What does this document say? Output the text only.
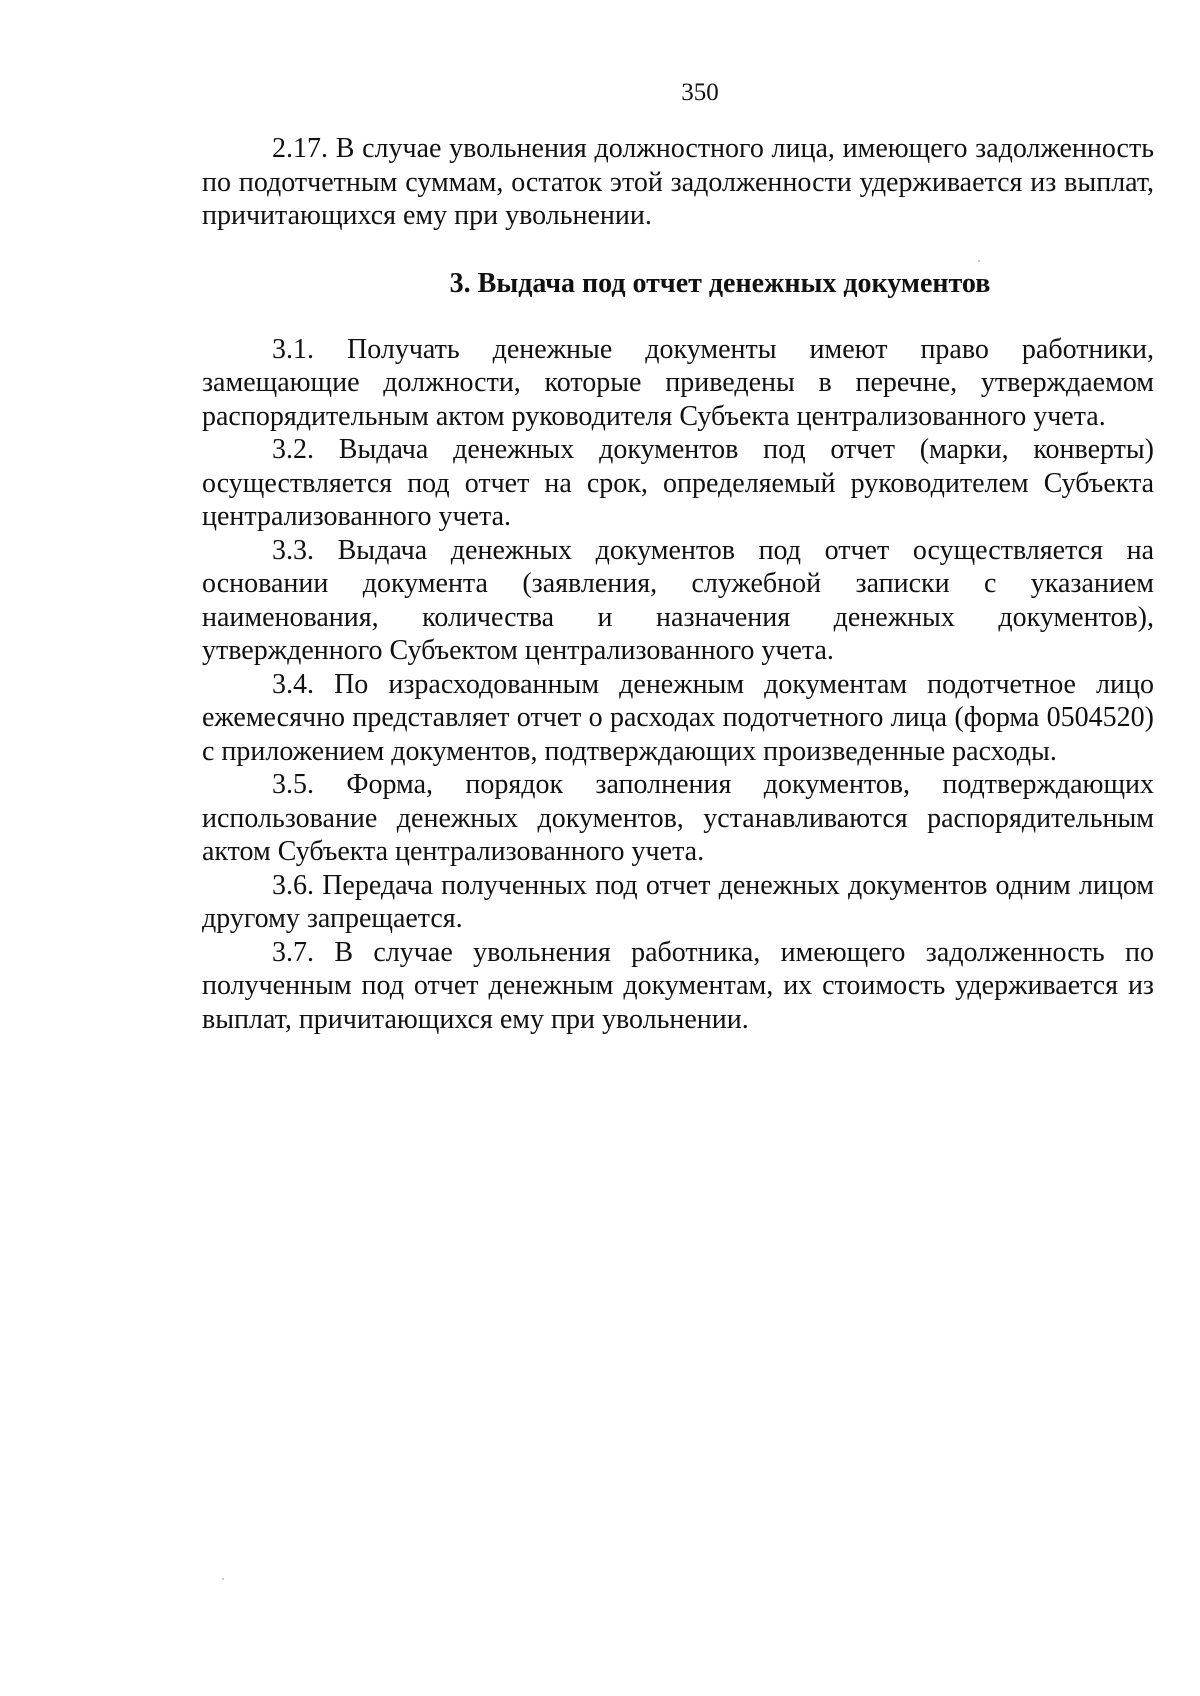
350

2.17. В случае увольнения должностного лица, имеющего задолженность по подотчетным суммам, остаток этой задолженности удерживается из выплат, причитающихся ему при увольнении.

3. Выдача под отчет денежных документов

3.1. Получать денежные документы имеют право работники, замещающие должности, которые приведены в перечне, утверждаемом распорядительным актом руководителя Субъекта централизованного учета.

3.2. Выдача денежных документов под отчет (марки, конверты) осуществляется под отчет на срок, определяемый руководителем Субъекта централизованного учета.

3.3. Выдача денежных документов под отчет осуществляется на основании документа (заявления, служебной записки с указанием наименования, количества и назначения денежных документов), утвержденного Субъектом централизованного учета.

3.4. По израсходованным денежным документам подотчетное лицо ежемесячно представляет отчет о расходах подотчетного лица (форма 0504520) с приложением документов, подтверждающих произведенные расходы.

3.5. Форма, порядок заполнения документов, подтверждающих использование денежных документов, устанавливаются распорядительным актом Субъекта централизованного учета.

3.6. Передача полученных под отчет денежных документов одним лицом другому запрещается.

3.7. В случае увольнения работника, имеющего задолженность по полученным под отчет денежным документам, их стоимость удерживается из выплат, причитающихся ему при увольнении.
